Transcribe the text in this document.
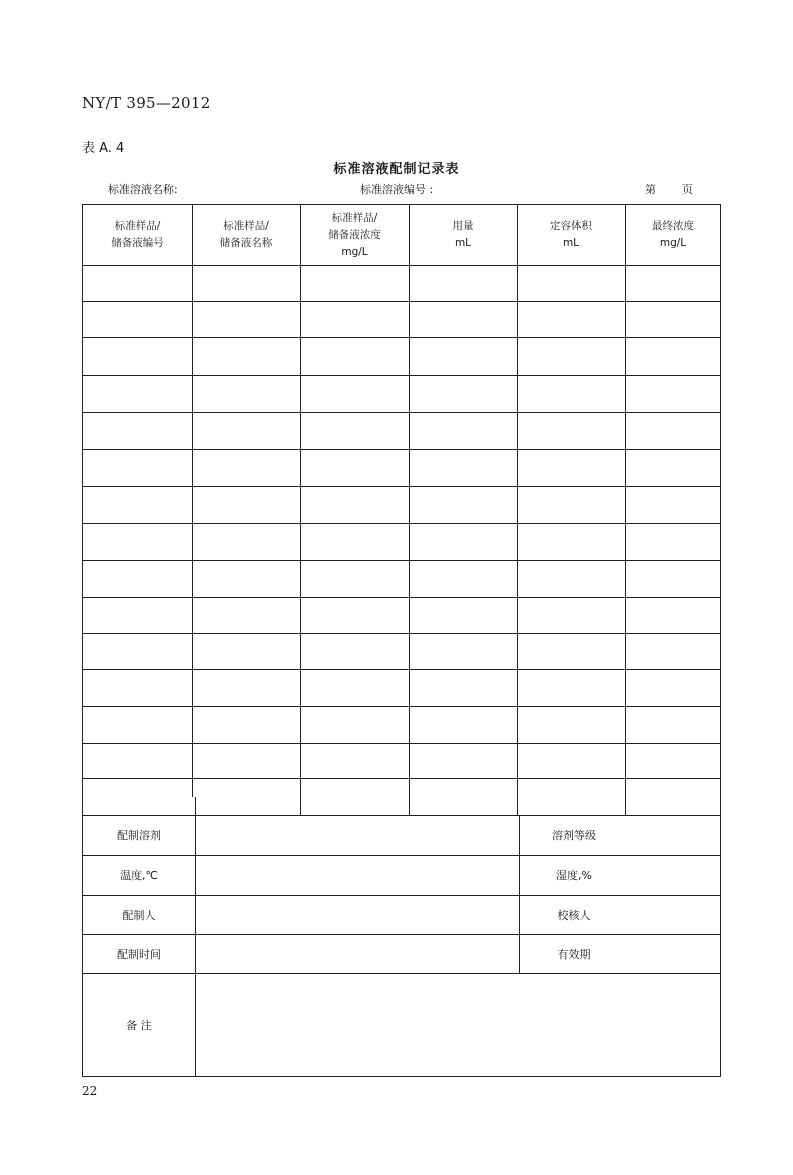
NY/T 395—2012
表 A. 4
标准溶液配制记录表
标准溶液名称:	标准溶液编号 :	第 页
标准样品/
储备液编号
标准样品/
储备液名称
标准样品/
储备液浓度
mg/L
用量
mL
定容体积
mL
最终浓度
mg/L
配制溶剂
温度,℃
配制人
配制时间
溶剂等级
湿度,%
校核人
有效期
备 注
22
